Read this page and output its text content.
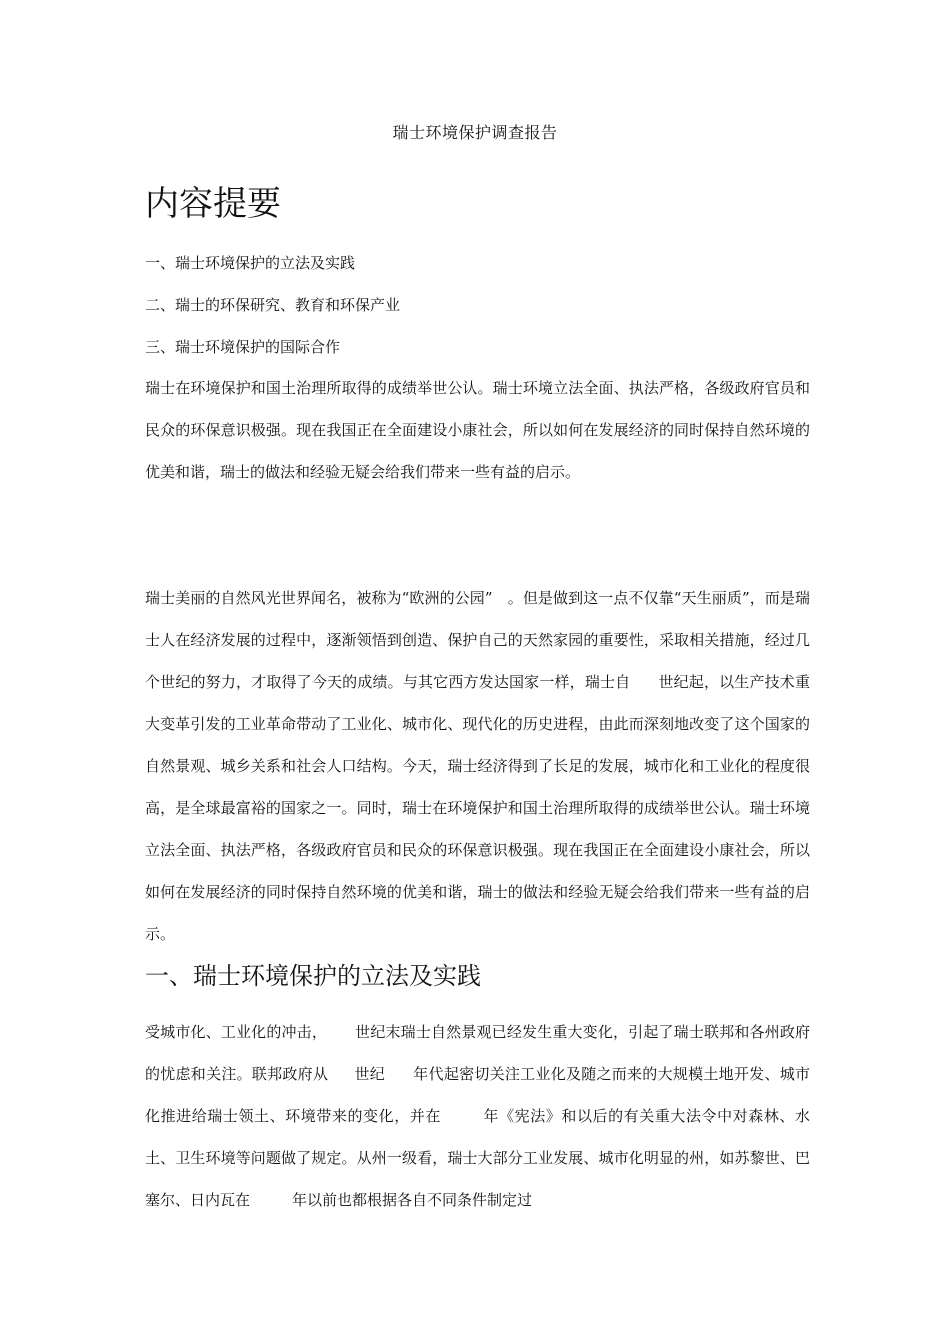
瑞士环境保护调查报告
内容提要
一、瑞士环境保护的立法及实践
二、瑞士的环保研究、教育和环保产业
三、瑞士环境保护的国际合作

瑞士在环境保护和国土治理所取得的成绩举世公认。瑞士环境立法全面、执法严格，各级政府官员和民众的环保意识极强。现在我国正在全面建设小康社会，所以如何在发展经济的同时保持自然环境的优美和谐，瑞士的做法和经验无疑会给我们带来一些有益的启示。

瑞士美丽的自然风光世界闻名，被称为“欧洲的公园”　。但是做到这一点不仅靠“天生丽质”，而是瑞士人在经济发展的过程中，逐渐领悟到创造、保护自己的天然家园的重要性，采取相关措施，经过几个世纪的努力，才取得了今天的成绩。与其它西方发达国家一样，瑞士自 世纪起，以生产技术重大变革引发的工业革命带动了工业化、城市化、现代化的历史进程，由此而深刻地改变了这个国家的自然景观、城乡关系和社会人口结构。今天，瑞士经济得到了长足的发展，城市化和工业化的程度很高，是全球最富裕的国家之一。同时，瑞士在环境保护和国土治理所取得的成绩举世公认。瑞士环境立法全面、执法严格，各级政府官员和民众的环保意识极强。现在我国正在全面建设小康社会，所以如何在发展经济的同时保持自然环境的优美和谐，瑞士的做法和经验无疑会给我们带来一些有益的启示。

一、瑞士环境保护的立法及实践

受城市化、工业化的冲击， 世纪末瑞士自然景观已经发生重大变化，引起了瑞士联邦和各州政府的忧虑和关注。联邦政府从 世纪 年代起密切关注工业化及随之而来的大规模土地开发、城市化推进给瑞士领土、环境带来的变化，并在	年《宪法》和以后的有关重大法令中对森林、水土、卫生环境等问题做了规定。从州一级看，瑞士大部分工业发展、城市化明显的州，如苏黎世、巴塞尔、日内瓦在	年以前也都根据各自不同条件制定过
